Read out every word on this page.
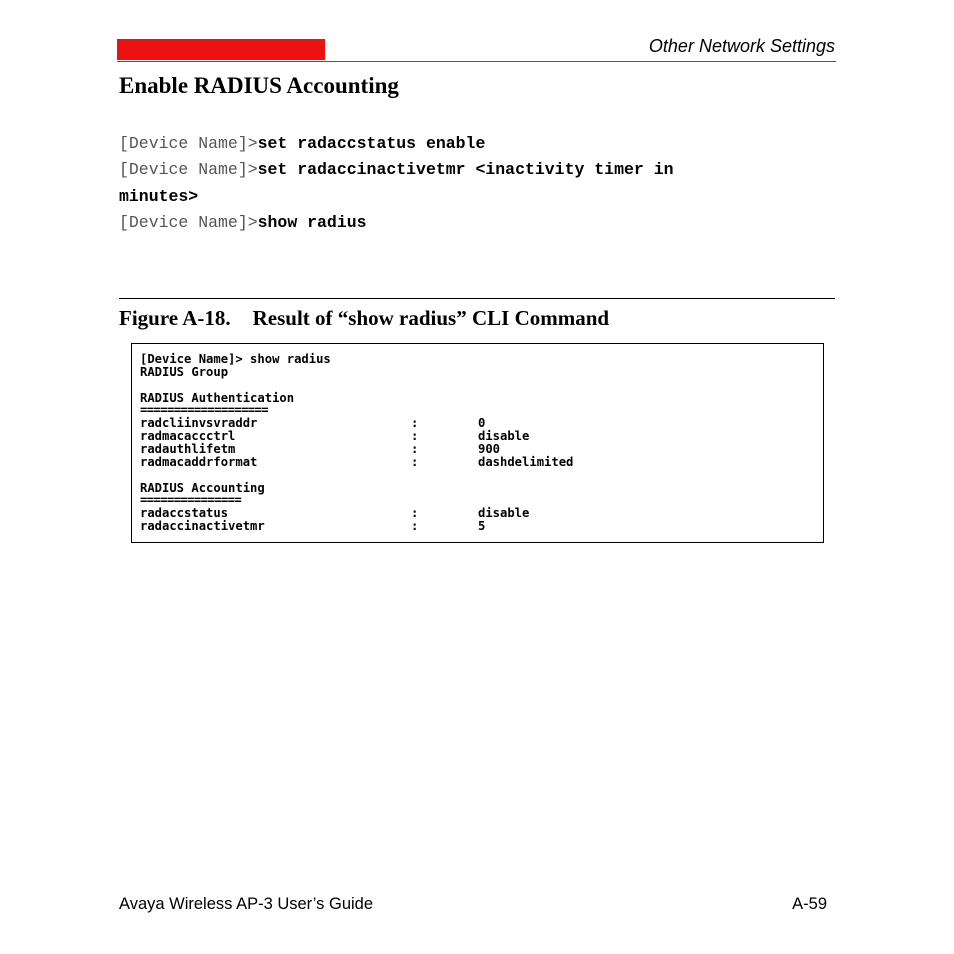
Other Network Settings
Enable RADIUS Accounting
[Device Name]>set radaccstatus enable
[Device Name]>set radaccinactivetmr <inactivity timer in
minutes>
[Device Name]>show radius
Figure A-18. Result of “show radius” CLI Command
[Device Name]> show radius
RADIUS Group
RADIUS Authentication
===================
radcliinvsvraddr	:	0
radmacaccctrl	:	disable
radauthlifetm	:	900
radmacaddrformat	:	dashdelimited
RADIUS Accounting
===============
radaccstatus	:	disable
radaccinactivetmr	:	5
Avaya Wireless AP-3 User’s Guide	A-59
